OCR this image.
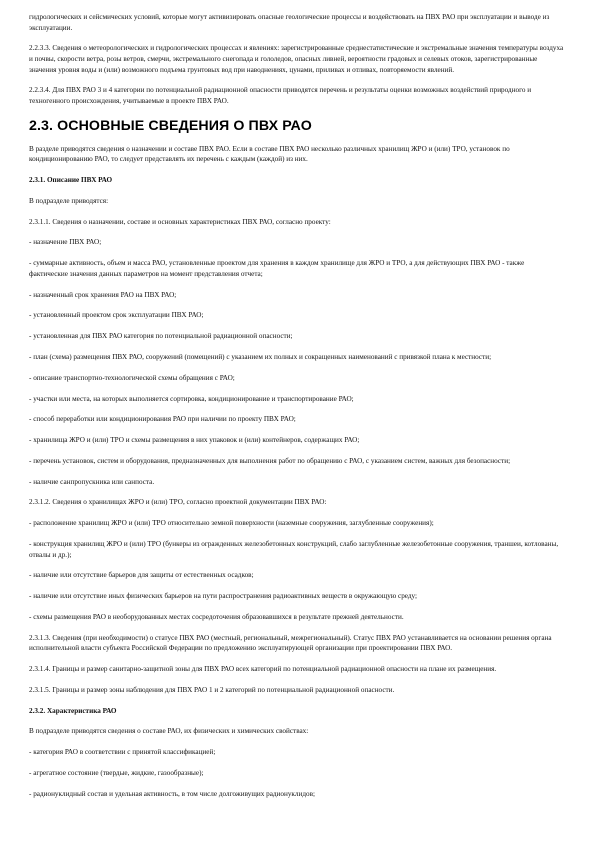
гидрологических и сейсмических условий, которые могут активизировать опасные геологические процессы и воздействовать на ПВХ РАО при эксплуатации и выводе из эксплуатации.

2.2.3.3. Сведения о метеорологических и гидрологических процессах и явлениях: зарегистрированные среднестатистические и экстремальные значения температуры воздуха и почвы, скорости ветра, розы ветров, смерчи, экстремального снегопада и гололедов, опасных ливней, вероятности градовых и селевых отоков, зарегистрированные значения уровня воды и (или) возможного подъема грунтовых вод при наводнениях, цунами, приливах и отливах, повторяемости явлений.

2.2.3.4. Для ПВХ РАО 3 и 4 категории по потенциальной радиационной опасности приводятся перечень и результаты оценки возможных воздействий природного и техногенного происхождения, учитываемые в проекте ПВХ РАО.

2.3. ОСНОВНЫЕ СВЕДЕНИЯ О ПВХ РАО

В разделе приводятся сведения о назначении и составе ПВХ РАО. Если в составе ПВХ РАО несколько различных хранилищ ЖРО и (или) ТРО, установок по кондиционированию РАО, то следует представлять их перечень с каждым (каждой) из них.

2.3.1. Описание ПВХ РАО

В подразделе приводятся:

2.3.1.1. Сведения о назначении, составе и основных характеристиках ПВХ РАО, согласно проекту:

- назначение ПВХ РАО;

- суммарные активность, объем и масса РАО, установленные проектом для хранения в каждом хранилище для ЖРО и ТРО, а для действующих ПВХ РАО - также фактические значения данных параметров на момент представления отчета;

- назначенный срок хранения РАО на ПВХ РАО;

- установленный проектом срок эксплуатации ПВХ РАО;

- установленная для ПВХ РАО категория по потенциальной радиационной опасности;

- план (схема) размещения ПВХ РАО, сооружений (помещений) с указанием их полных и сокращенных наименований с привязкой плана к местности;

- описание транспортно-технологической схемы обращения с РАО;

- участки или места, на которых выполняется сортировка, кондиционирование и транспортирование РАО;

- способ переработки или кондиционирования РАО при наличии по проекту ПВХ РАО;

- хранилища ЖРО и (или) ТРО и схемы размещения в них упаковок и (или) контейнеров, содержащих РАО;

- перечень установок, систем и оборудования, предназначенных для выполнения работ по обращению с РАО, с указанием систем, важных для безопасности;

- наличие санпропускника или санпоста.

2.3.1.2. Сведения о хранилищах ЖРО и (или) ТРО, согласно проектной документации ПВХ РАО:

- расположение хранилищ ЖРО и (или) ТРО относительно земной поверхности (наземные сооружения, заглубленные сооружения);

- конструкция хранилищ ЖРО и (или) ТРО (бункеры из огражденных железобетонных конструкций, слабо заглубленные железобетонные сооружения, траншеи, котлованы, отвалы и др.);

- наличие или отсутствие барьеров для защиты от естественных осадков;

- наличие или отсутствие иных физических барьеров на пути распространения радиоактивных веществ в окружающую среду;

- схемы размещения РАО в необорудованных местах сосредоточения образовавшихся в результате прежней деятельности.

2.3.1.3. Сведения (при необходимости) о статусе ПВХ РАО (местный, региональный, межрегиональный). Статус ПВХ РАО устанавливается на основании решения органа исполнительной власти субъекта Российской Федерации по предложению эксплуатирующей организации при проектировании ПВХ РАО.

2.3.1.4. Границы и размер санитарно-защитной зоны для ПВХ РАО всех категорий по потенциальной радиационной опасности на плане их размещения.

2.3.1.5. Границы и размер зоны наблюдения для ПВХ РАО 1 и 2 категорий по потенциальной радиационной опасности.

2.3.2. Характеристика РАО

В подразделе приводятся сведения о составе РАО, их физических и химических свойствах:

- категория РАО в соответствии с принятой классификацией;

- агрегатное состояние (твердые, жидкие, газообразные);

- радионуклидный состав и удельная активность, в том числе долгоживущих радионуклидов;
